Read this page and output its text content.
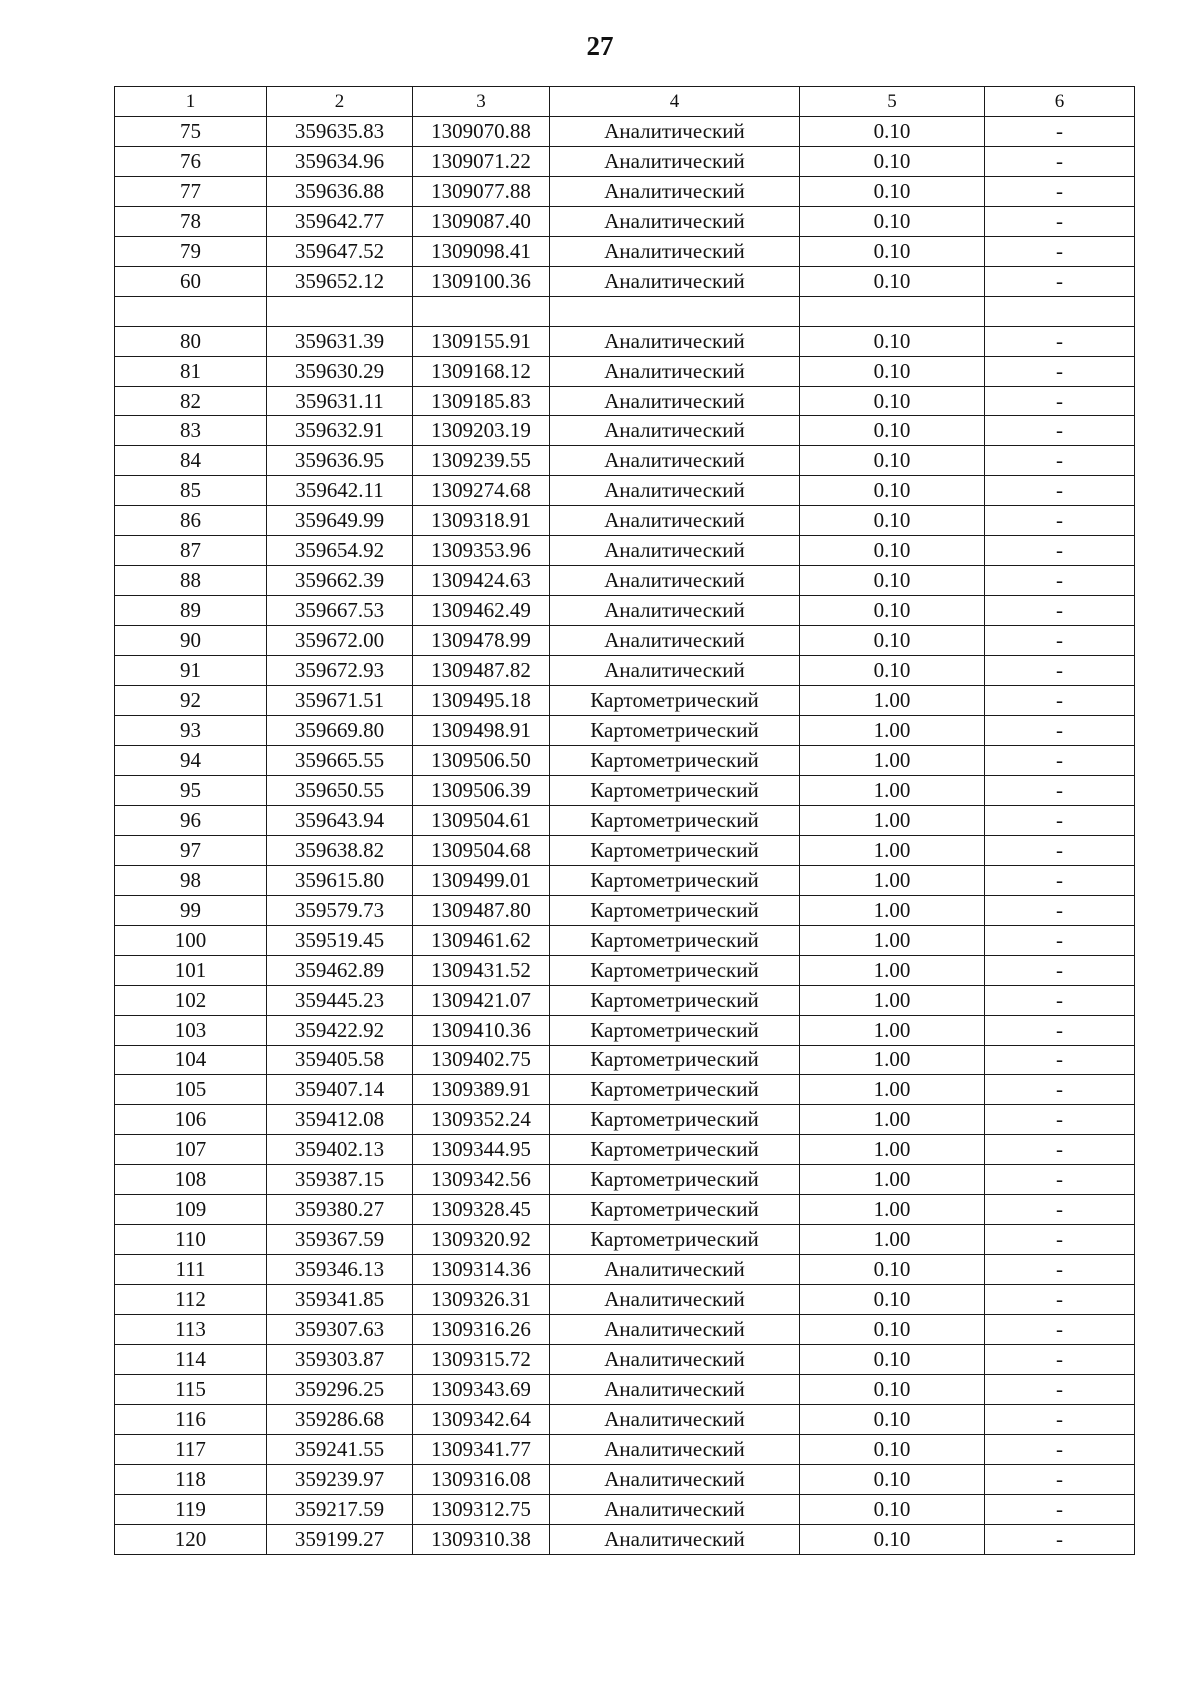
27
1	2	3	4	5	6
75	359635.83	1309070.88	Аналитический	0.10	-
76	359634.96	1309071.22	Аналитический	0.10	-
77	359636.88	1309077.88	Аналитический	0.10	-
78	359642.77	1309087.40	Аналитический	0.10	-
79	359647.52	1309098.41	Аналитический	0.10	-
60	359652.12	1309100.36	Аналитический	0.10	-

80	359631.39	1309155.91	Аналитический	0.10	-
81	359630.29	1309168.12	Аналитический	0.10	-
82	359631.11	1309185.83	Аналитический	0.10	-
83	359632.91	1309203.19	Аналитический	0.10	-
84	359636.95	1309239.55	Аналитический	0.10	-
85	359642.11	1309274.68	Аналитический	0.10	-
86	359649.99	1309318.91	Аналитический	0.10	-
87	359654.92	1309353.96	Аналитический	0.10	-
88	359662.39	1309424.63	Аналитический	0.10	-
89	359667.53	1309462.49	Аналитический	0.10	-
90	359672.00	1309478.99	Аналитический	0.10	-
91	359672.93	1309487.82	Аналитический	0.10	-
92	359671.51	1309495.18	Картометрический	1.00	-
93	359669.80	1309498.91	Картометрический	1.00	-
94	359665.55	1309506.50	Картометрический	1.00	-
95	359650.55	1309506.39	Картометрический	1.00	-
96	359643.94	1309504.61	Картометрический	1.00	-
97	359638.82	1309504.68	Картометрический	1.00	-
98	359615.80	1309499.01	Картометрический	1.00	-
99	359579.73	1309487.80	Картометрический	1.00	-
100	359519.45	1309461.62	Картометрический	1.00	-
101	359462.89	1309431.52	Картометрический	1.00	-
102	359445.23	1309421.07	Картометрический	1.00	-
103	359422.92	1309410.36	Картометрический	1.00	-
104	359405.58	1309402.75	Картометрический	1.00	-
105	359407.14	1309389.91	Картометрический	1.00	-
106	359412.08	1309352.24	Картометрический	1.00	-
107	359402.13	1309344.95	Картометрический	1.00	-
108	359387.15	1309342.56	Картометрический	1.00	-
109	359380.27	1309328.45	Картометрический	1.00	-
110	359367.59	1309320.92	Картометрический	1.00	-
111	359346.13	1309314.36	Аналитический	0.10	-
112	359341.85	1309326.31	Аналитический	0.10	-
113	359307.63	1309316.26	Аналитический	0.10	-
114	359303.87	1309315.72	Аналитический	0.10	-
115	359296.25	1309343.69	Аналитический	0.10	-
116	359286.68	1309342.64	Аналитический	0.10	-
117	359241.55	1309341.77	Аналитический	0.10	-
118	359239.97	1309316.08	Аналитический	0.10	-
119	359217.59	1309312.75	Аналитический	0.10	-
120	359199.27	1309310.38	Аналитический	0.10	-
